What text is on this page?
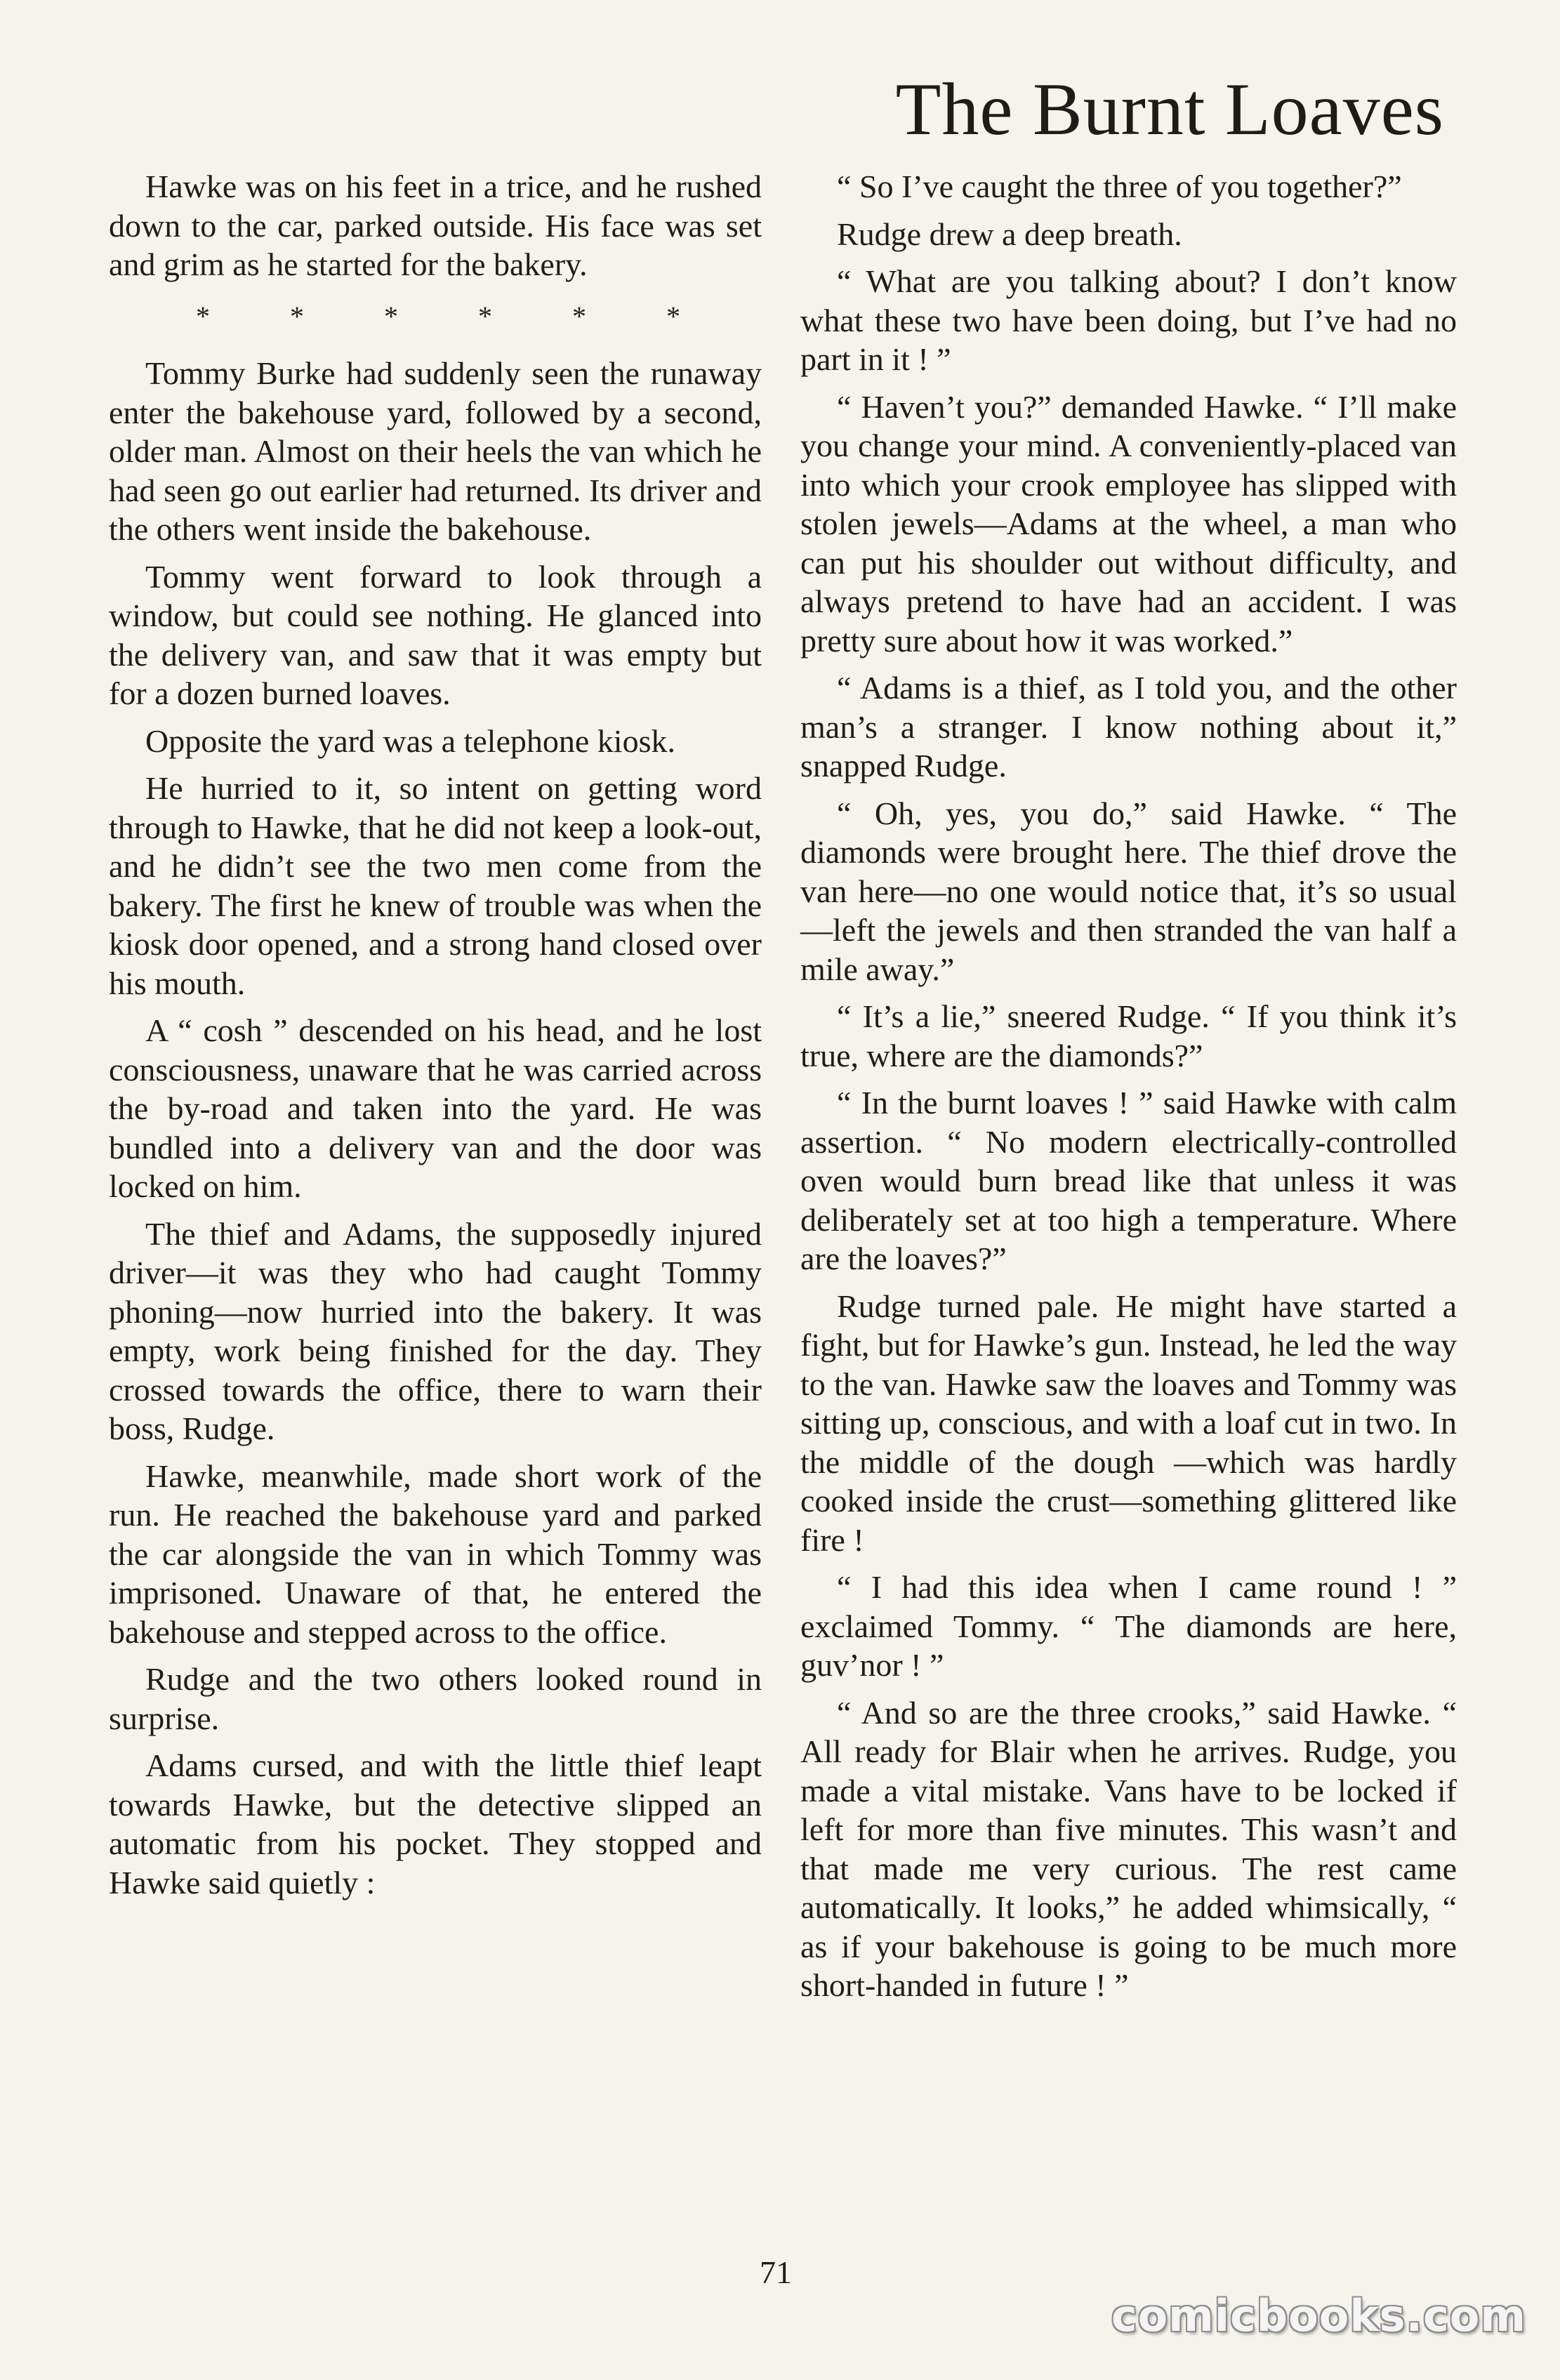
The Burnt Loaves

Hawke was on his feet in a trice, and he rushed down to the car, parked outside. His face was set and grim as he started for the bakery.

* * * * * *

Tommy Burke had suddenly seen the runaway enter the bakehouse yard, followed by a second, older man. Almost on their heels the van which he had seen go out earlier had returned. Its driver and the others went inside the bakehouse.

Tommy went forward to look through a window, but could see nothing. He glanced into the delivery van, and saw that it was empty but for a dozen burned loaves.

Opposite the yard was a telephone kiosk.

He hurried to it, so intent on getting word through to Hawke, that he did not keep a look-out, and he didn’t see the two men come from the bakery. The first he knew of trouble was when the kiosk door opened, and a strong hand closed over his mouth.

A “ cosh ” descended on his head, and he lost consciousness, unaware that he was carried across the by-road and taken into the yard. He was bundled into a delivery van and the door was locked on him.

The thief and Adams, the supposedly injured driver—it was they who had caught Tommy phoning—now hurried into the bakery. It was empty, work being finished for the day. They crossed towards the office, there to warn their boss, Rudge.

Hawke, meanwhile, made short work of the run. He reached the bakehouse yard and parked the car alongside the van in which Tommy was imprisoned. Unaware of that, he entered the bakehouse and stepped across to the office.

Rudge and the two others looked round in surprise.

Adams cursed, and with the little thief leapt towards Hawke, but the detective slipped an automatic from his pocket. They stopped and Hawke said quietly :

“ So I’ve caught the three of you together?”

Rudge drew a deep breath.

“ What are you talking about? I don’t know what these two have been doing, but I’ve had no part in it ! ”

“ Haven’t you?” demanded Hawke. “ I’ll make you change your mind. A conveniently-placed van into which your crook employee has slipped with stolen jewels—Adams at the wheel, a man who can put his shoulder out without difficulty, and always pretend to have had an accident. I was pretty sure about how it was worked.”

“ Adams is a thief, as I told you, and the other man’s a stranger. I know nothing about it,” snapped Rudge.

“ Oh, yes, you do,” said Hawke. “ The diamonds were brought here. The thief drove the van here—no one would notice that, it’s so usual—left the jewels and then stranded the van half a mile away.”

“ It’s a lie,” sneered Rudge. “ If you think it’s true, where are the diamonds?”

“ In the burnt loaves ! ” said Hawke with calm assertion. “ No modern electrically-controlled oven would burn bread like that unless it was deliberately set at too high a temperature. Where are the loaves?”

Rudge turned pale. He might have started a fight, but for Hawke’s gun. Instead, he led the way to the van. Hawke saw the loaves and Tommy was sitting up, conscious, and with a loaf cut in two. In the middle of the dough —which was hardly cooked inside the crust—something glittered like fire !

“ I had this idea when I came round ! ” exclaimed Tommy. “ The diamonds are here, guv’nor ! ”

“ And so are the three crooks,” said Hawke. “ All ready for Blair when he arrives. Rudge, you made a vital mistake. Vans have to be locked if left for more than five minutes. This wasn’t and that made me very curious. The rest came automatically. It looks,” he added whimsically, “ as if your bakehouse is going to be much more short-handed in future ! ”

71

comicbooks.com
